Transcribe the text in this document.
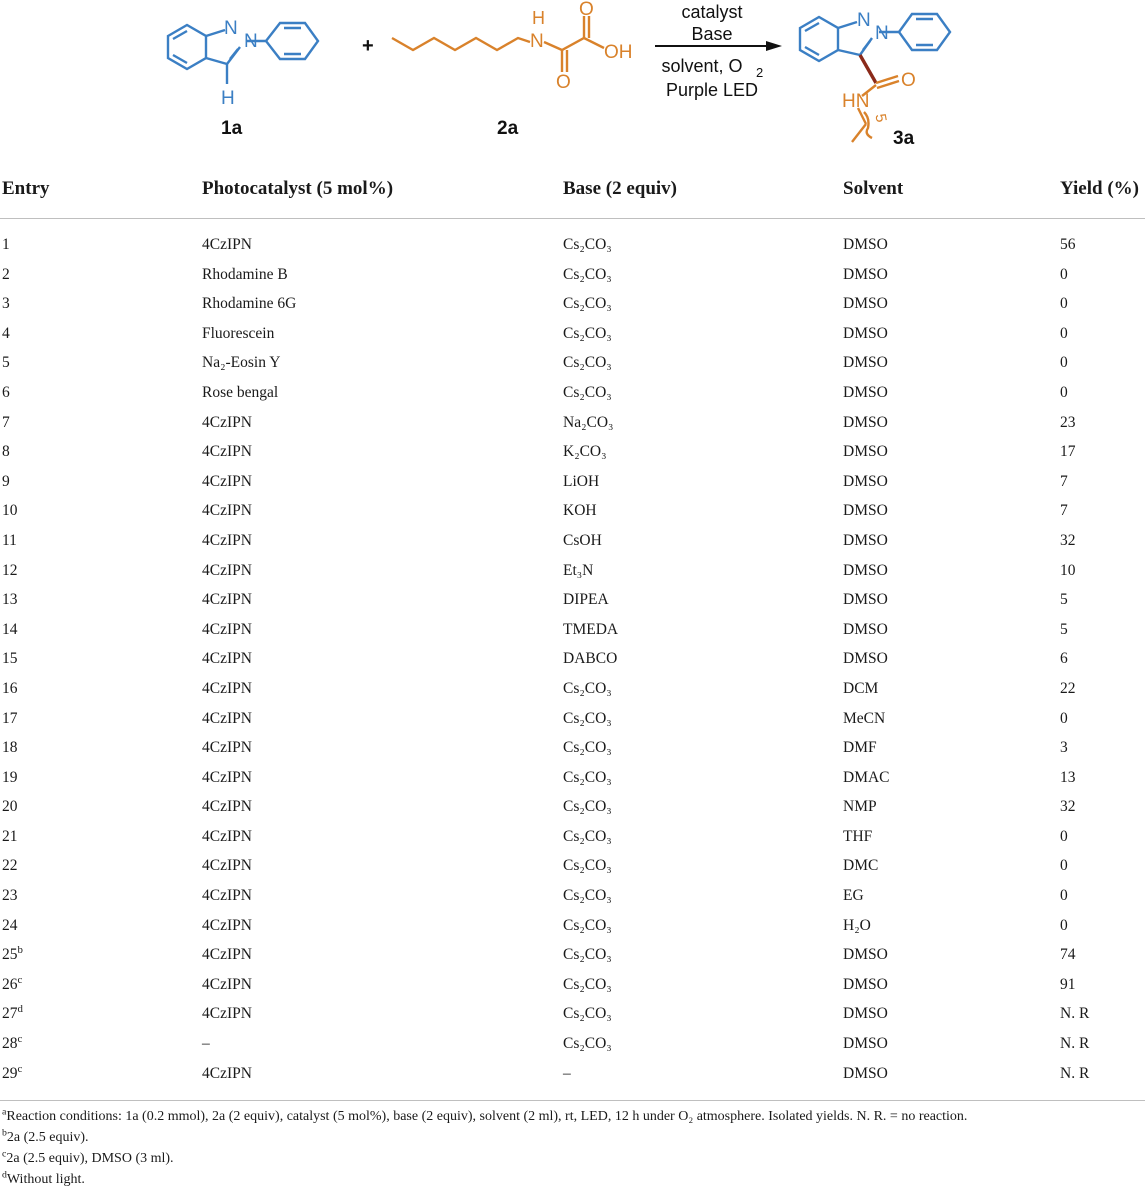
N
N
H
+
1a
H
N
O
O
OH
2a
catalyst
Base
solvent, O 2
Purple LED
N
N
O
HN
5
3a
Entry	Photocatalyst (5 mol%)	Base (2 equiv)	Solvent	Yield (%)
1	4CzIPN	Cs₂CO₃	DMSO	56
2	Rhodamine B	Cs₂CO₃	DMSO	0
3	Rhodamine 6G	Cs₂CO₃	DMSO	0
4	Fluorescein	Cs₂CO₃	DMSO	0
5	Na₂-Eosin Y	Cs₂CO₃	DMSO	0
6	Rose bengal	Cs₂CO₃	DMSO	0
7	4CzIPN	Na₂CO₃	DMSO	23
8	4CzIPN	K₂CO₃	DMSO	17
9	4CzIPN	LiOH	DMSO	7
10	4CzIPN	KOH	DMSO	7
11	4CzIPN	CsOH	DMSO	32
12	4CzIPN	Et₃N	DMSO	10
13	4CzIPN	DIPEA	DMSO	5
14	4CzIPN	TMEDA	DMSO	5
15	4CzIPN	DABCO	DMSO	6
16	4CzIPN	Cs₂CO₃	DCM	22
17	4CzIPN	Cs₂CO₃	MeCN	0
18	4CzIPN	Cs₂CO₃	DMF	3
19	4CzIPN	Cs₂CO₃	DMAC	13
20	4CzIPN	Cs₂CO₃	NMP	32
21	4CzIPN	Cs₂CO₃	THF	0
22	4CzIPN	Cs₂CO₃	DMC	0
23	4CzIPN	Cs₂CO₃	EG	0
24	4CzIPN	Cs₂CO₃	H₂O	0
25$^b$	4CzIPN	Cs₂CO₃	DMSO	74
26$^c$	4CzIPN	Cs₂CO₃	DMSO	91
27$^d$	4CzIPN	Cs₂CO₃	DMSO	N. R
28$^c$	–	Cs₂CO₃	DMSO	N. R
29$^c$	4CzIPN	–	DMSO	N. R
$^a$Reaction conditions: 1a (0.2 mmol), 2a (2 equiv), catalyst (5 mol%), base (2 equiv), solvent (2 ml), rt, LED, 12 h under O₂ atmosphere. Isolated yields. N. R. = no reaction.
$^b$2a (2.5 equiv).
$^c$2a (2.5 equiv), DMSO (3 ml).
$^d$Without light.
